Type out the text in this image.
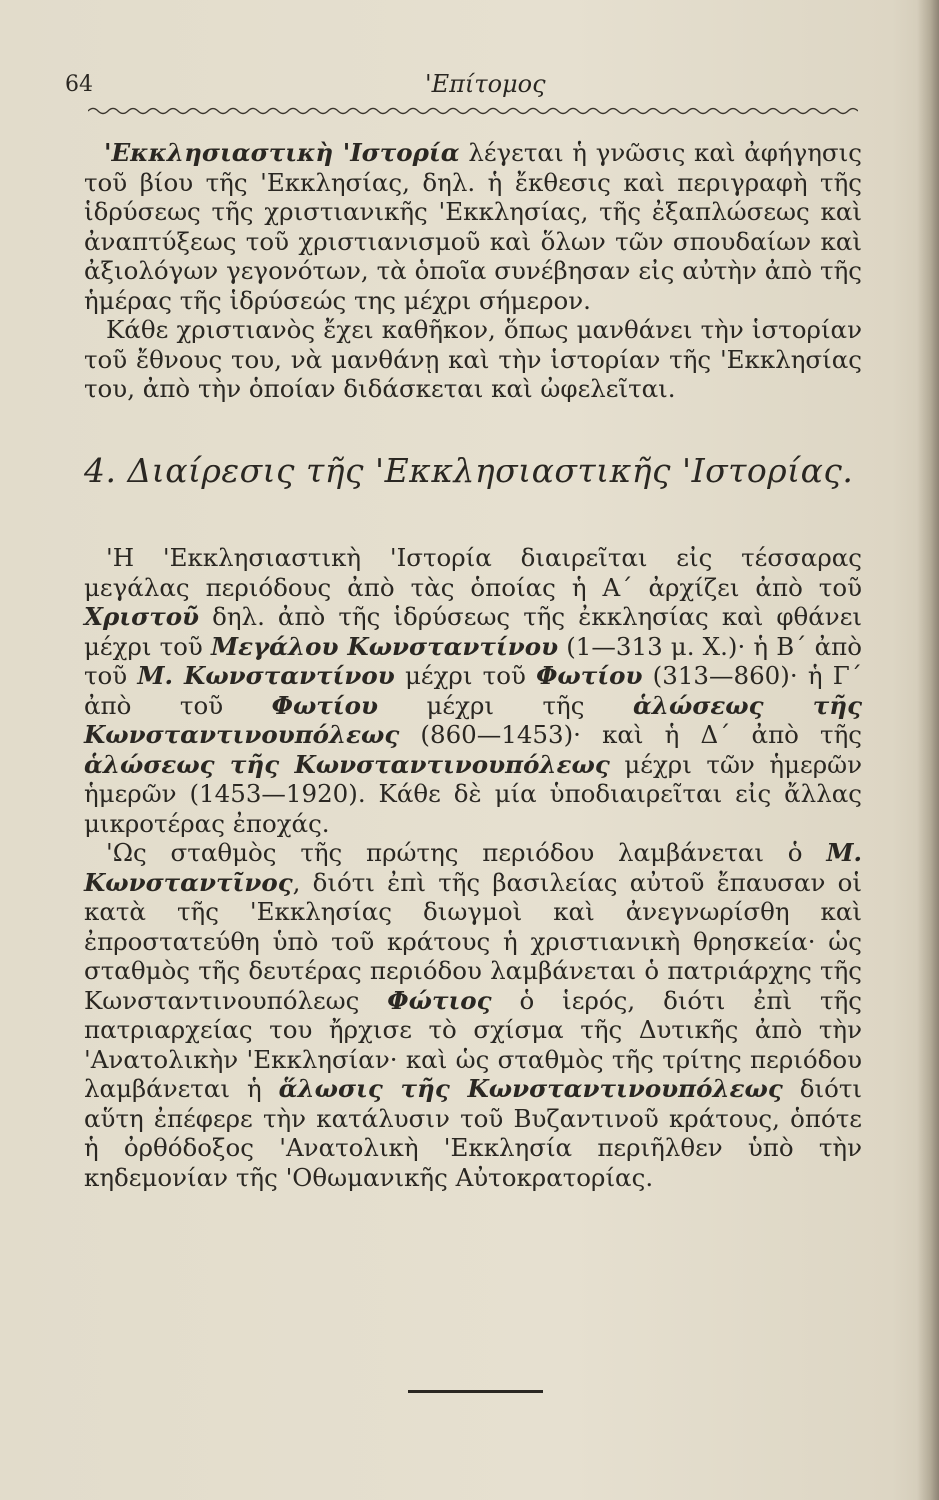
64	'Επίτομος

'Εκκλησιαστικὴ 'Ιστορία λέγεται ἡ γνῶσις καὶ ἀφήγησις τοῦ βίου τῆς 'Εκκλησίας, δηλ. ἡ ἔκθεσις καὶ περιγραφὴ τῆς ἱδρύσεως τῆς χριστιανικῆς 'Εκκλησίας, τῆς ἐξαπλώσεως καὶ ἀναπτύξεως τοῦ χριστιανισμοῦ καὶ ὅλων τῶν σπουδαίων καὶ ἀξιολόγων γεγονότων, τὰ ὁποῖα συνέβησαν εἰς αὐτὴν ἀπὸ τῆς ἡμέρας τῆς ἱδρύσεώς της μέχρι σήμερον.

Κάθε χριστιανὸς ἔχει καθῆκον, ὅπως μανθάνει τὴν ἱστορίαν τοῦ ἔθνους του, νὰ μανθάνῃ καὶ τὴν ἱστορίαν τῆς 'Εκκλησίας του, ἀπὸ τὴν ὁποίαν διδάσκεται καὶ ὠφελεῖται.

4. Διαίρεσις τῆς 'Εκκλησιαστικῆς 'Ιστορίας.

'Η 'Εκκλησιαστικὴ 'Ιστορία διαιρεῖται εἰς τέσσαρας μεγάλας περιόδους ἀπὸ τὰς ὁποίας ἡ Α΄ ἀρχίζει ἀπὸ τοῦ Χριστοῦ δηλ. ἀπὸ τῆς ἱδρύσεως τῆς ἐκκλησίας καὶ φθάνει μέχρι τοῦ Μεγάλου Κωνσταντίνου (1—313 μ. Χ.)· ἡ Β΄ ἀπὸ τοῦ Μ. Κωνσταντίνου μέχρι τοῦ Φωτίου (313—860)· ἡ Γ΄ ἀπὸ τοῦ Φωτίου μέχρι τῆς ἁλώσεως τῆς Κωνσταντινουπόλεως (860—1453)· καὶ ἡ Δ΄ ἀπὸ τῆς ἁλώσεως τῆς Κωνσταντινουπόλεως μέχρι τῶν ἡμερῶν ἡμερῶν (1453—1920). Κάθε δὲ μία ὑποδιαιρεῖται εἰς ἄλλας μικροτέρας ἐποχάς.

'Ως σταθμὸς τῆς πρώτης περιόδου λαμβάνεται ὁ Μ. Κωνσταντῖνος, διότι ἐπὶ τῆς βασιλείας αὐτοῦ ἔπαυσαν οἱ κατὰ τῆς 'Εκκλησίας διωγμοὶ καὶ ἀνεγνωρίσθη καὶ ἐπροστατεύθη ὑπὸ τοῦ κράτους ἡ χριστιανικὴ θρησκεία· ὡς σταθμὸς τῆς δευτέρας περιόδου λαμβάνεται ὁ πατριάρχης τῆς Κωνσταντινουπόλεως Φώτιος ὁ ἱερός, διότι ἐπὶ τῆς πατριαρχείας του ἤρχισε τὸ σχίσμα τῆς Δυτικῆς ἀπὸ τὴν 'Ανατολικὴν 'Εκκλησίαν· καὶ ὡς σταθμὸς τῆς τρίτης περιόδου λαμβάνεται ἡ ἅλωσις τῆς Κωνσταντινουπόλεως διότι αὕτη ἐπέφερε τὴν κατάλυσιν τοῦ Βυζαντινοῦ κράτους, ὁπότε ἡ ὀρθόδοξος 'Ανατολικὴ 'Εκκλησία περιῆλθεν ὑπὸ τὴν κηδεμονίαν τῆς 'Οθωμανικῆς Αὐτοκρατορίας.
